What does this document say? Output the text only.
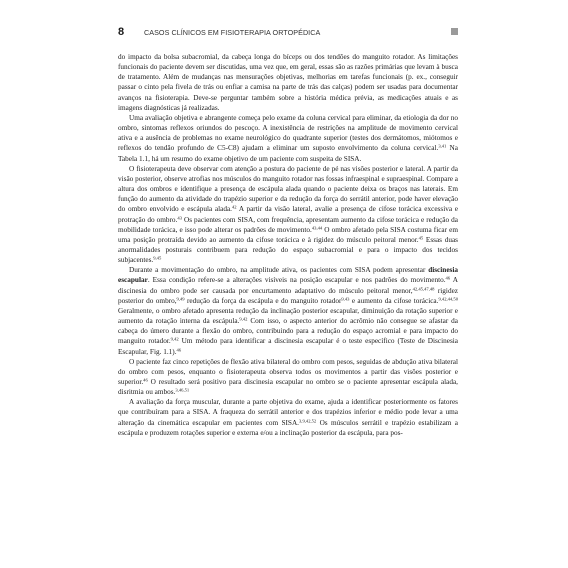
8	CASOS CLÍNICOS EM FISIOTERAPIA ORTOPÉDICA

do impacto da bolsa subacromial, da cabeça longa do bíceps ou dos tendões do manguito rotador. As limitações funcionais do paciente devem ser discutidas, uma vez que, em geral, essas são as razões primárias que levam à busca de tratamento. Além de mudanças nas mensurações objetivas, melhorias em tarefas funcionais (p. ex., conseguir passar o cinto pela fivela de trás ou enfiar a camisa na parte de trás das calças) podem ser usadas para documentar avanços na fisioterapia. Deve-se perguntar também sobre a história médica prévia, as medicações atuais e as imagens diagnósticas já realizadas.

Uma avaliação objetiva e abrangente começa pelo exame da coluna cervical para eliminar, da etiologia da dor no ombro, sintomas reflexos oriundos do pescoço. A inexistência de restrições na amplitude de movimento cervical ativa e a ausência de problemas no exame neurológico do quadrante superior (testes dos dermátomos, miótomos e reflexos do tendão profundo de C5-C8) ajudam a eliminar um suposto envolvimento da coluna cervical.$^{3,41}$ Na Tabela 1.1, há um resumo do exame objetivo de um paciente com suspeita de SISA.

O fisioterapeuta deve observar com atenção a postura do paciente de pé nas visões posterior e lateral. A partir da visão posterior, observe atrofias nos músculos do manguito rotador nas fossas infraespinal e supraespinal. Compare a altura dos ombros e identifique a presença de escápula alada quando o paciente deixa os braços nas laterais. Em função do aumento da atividade do trapézio superior e da redução da força do serrátil anterior, pode haver elevação do ombro envolvido e escápula alada.$^{42}$ A partir da visão lateral, avalie a presença de cifose torácica excessiva e protração do ombro.$^{43}$ Os pacientes com SISA, com frequência, apresentam aumento da cifose torácica e redução da mobilidade torácica, e isso pode alterar os padrões de movimento.$^{43,44}$ O ombro afetado pela SISA costuma ficar em uma posição protraída devido ao aumento da cifose torácica e à rigidez do músculo peitoral menor.$^{45}$ Essas duas anormalidades posturais contribuem para redução do espaço subacromial e para o impacto dos tecidos subjacentes.$^{9,45}$

Durante a movimentação do ombro, na amplitude ativa, os pacientes com SISA podem apresentar discinesia escapular. Essa condição refere-se a alterações visíveis na posição escapular e nos padrões do movimento.$^{46}$ A discinesia do ombro pode ser causada por encurtamento adaptativo do músculo peitoral menor,$^{42,45,47,48}$ rigidez posterior do ombro,$^{9,49}$ redução da força da escápula e do manguito rotador$^{9,43}$ e aumento da cifose torácica.$^{9,42,44,50}$ Geralmente, o ombro afetado apresenta redução da inclinação posterior escapular, diminuição da rotação superior e aumento da rotação interna da escápula.$^{9,42}$ Com isso, o aspecto anterior do acrômio não consegue se afastar da cabeça do úmero durante a flexão do ombro, contribuindo para a redução do espaço acromial e para impacto do manguito rotador.$^{9,42}$ Um método para identificar a discinesia escapular é o teste específico (Teste de Discinesia Escapular, Fig. 1.1).$^{46}$

O paciente faz cinco repetições de flexão ativa bilateral do ombro com pesos, seguidas de abdução ativa bilateral do ombro com pesos, enquanto o fisioterapeuta observa todos os movimentos a partir das visões posterior e superior.$^{46}$ O resultado será positivo para discinesia escapular no ombro se o paciente apresentar escápula alada, disritmia ou ambos.$^{3,46,51}$

A avaliação da força muscular, durante a parte objetiva do exame, ajuda a identificar posteriormente os fatores que contribuíram para a SISA. A fraqueza do serrátil anterior e dos trapézios inferior e médio pode levar a uma alteração da cinemática escapular em pacientes com SISA.$^{3,9,42,52}$ Os músculos serrátil e trapézio estabilizam a escápula e produzem rotações superior e externa e/ou a inclinação posterior da escápula, para pos-
